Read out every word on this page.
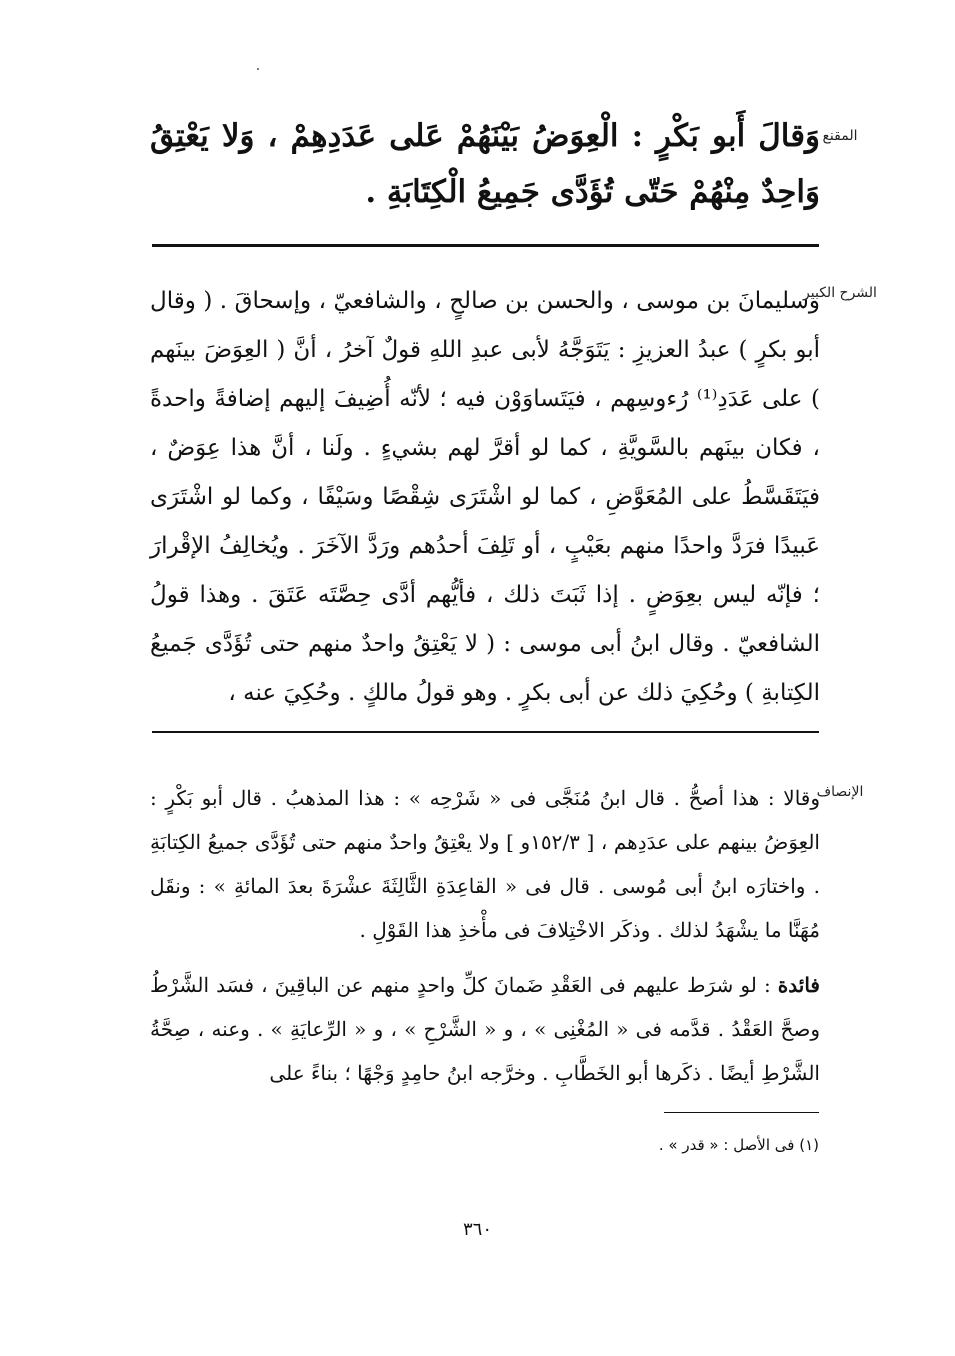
المقنع

وَقالَ أَبو بَكْرٍ : الْعِوَضُ بَيْنَهُمْ عَلى عَدَدِهِمْ ، وَلا يَعْتِقُ وَاحِدٌ مِنْهُمْ حَتّى تُؤَدَّى جَمِيعُ الْكِتَابَةِ .

الشرح الكبير

وسليمانَ بن موسى ، والحسن بن صالحٍ ، والشافعيّ ، وإسحاقَ . ( وقال أبو بكرٍ ) عبدُ العزيزِ : يَتَوَجَّهُ لأبى عبدِ اللهِ قولٌ آخرُ ، أنَّ ( العِوَضَ بينَهم ) على عَدَدِ⁽¹⁾ رُءوسِهم ، فيَتَساوَوْن فيه ؛ لأنّه أُضِيفَ إليهم إضافةً واحدةً ، فكان بينَهم بالسَّويَّةِ ، كما لو أقرَّ لهم بشيءٍ . ولَنا ، أنَّ هذا عِوَضٌ ، فيَتَقَسَّطُ على المُعَوَّضِ ، كما لو اشْتَرَى شِقْصًا وسَيْفًا ، وكما لو اشْتَرَى عَبيدًا فرَدَّ واحدًا منهم بعَيْبٍ ، أو تَلِفَ أحدُهم ورَدَّ الآخَرَ . ويُخالِفُ الإقْرارَ ؛ فإنّه ليس بعِوَضٍ . إذا ثَبَتَ ذلك ، فأيُّهم أدَّى حِصَّتَه عَتَقَ . وهذا قولُ الشافعيّ . وقال ابنُ أبى موسى : ( لا يَعْتِقُ واحدٌ منهم حتى تُؤَدَّى جَميعُ الكِتابةِ ) وحُكِيَ ذلك عن أبى بكرٍ . وهو قولُ مالكٍ . وحُكِيَ عنه ،

الإنصاف

وقالا : هذا أصحُّ . قال ابنُ مُنَجَّى فى « شَرْحِه » : هذا المذهبُ . قال أبو بَكْرٍ : العِوَضُ بينهم على عدَدِهم ، [ ١٥٢/٣و ] ولا يعْتِقُ واحدٌ منهم حتى تُؤَدَّى جميعُ الكِتابَةِ . واختارَه ابنُ أبى مُوسى . قال فى « القاعِدَةِ الثَّالِثَةَ عشْرَةَ بعدَ المائةِ » : ونقَل مُهَنَّا ما يشْهَدُ لذلك . وذكَر الاخْتِلافَ فى مأْخذِ هذا القَوْلِ .

فائدة : لو شرَط عليهم فى العَقْدِ ضَمانَ كلِّ واحدٍ منهم عن الباقِينَ ، فسَد الشَّرْطُ وصحَّ العَقْدُ . قدَّمه فى « المُغْنِى » ، و « الشَّرْحِ » ، و « الرِّعايَةِ » . وعنه ، صِحَّةُ الشَّرْطِ أيضًا . ذكَرها أبو الخَطَّابِ . وخرَّجه ابنُ حامِدٍ وَجْهًا ؛ بناءً على

(١) فى الأصل : « قدر » .
٣٦٠
